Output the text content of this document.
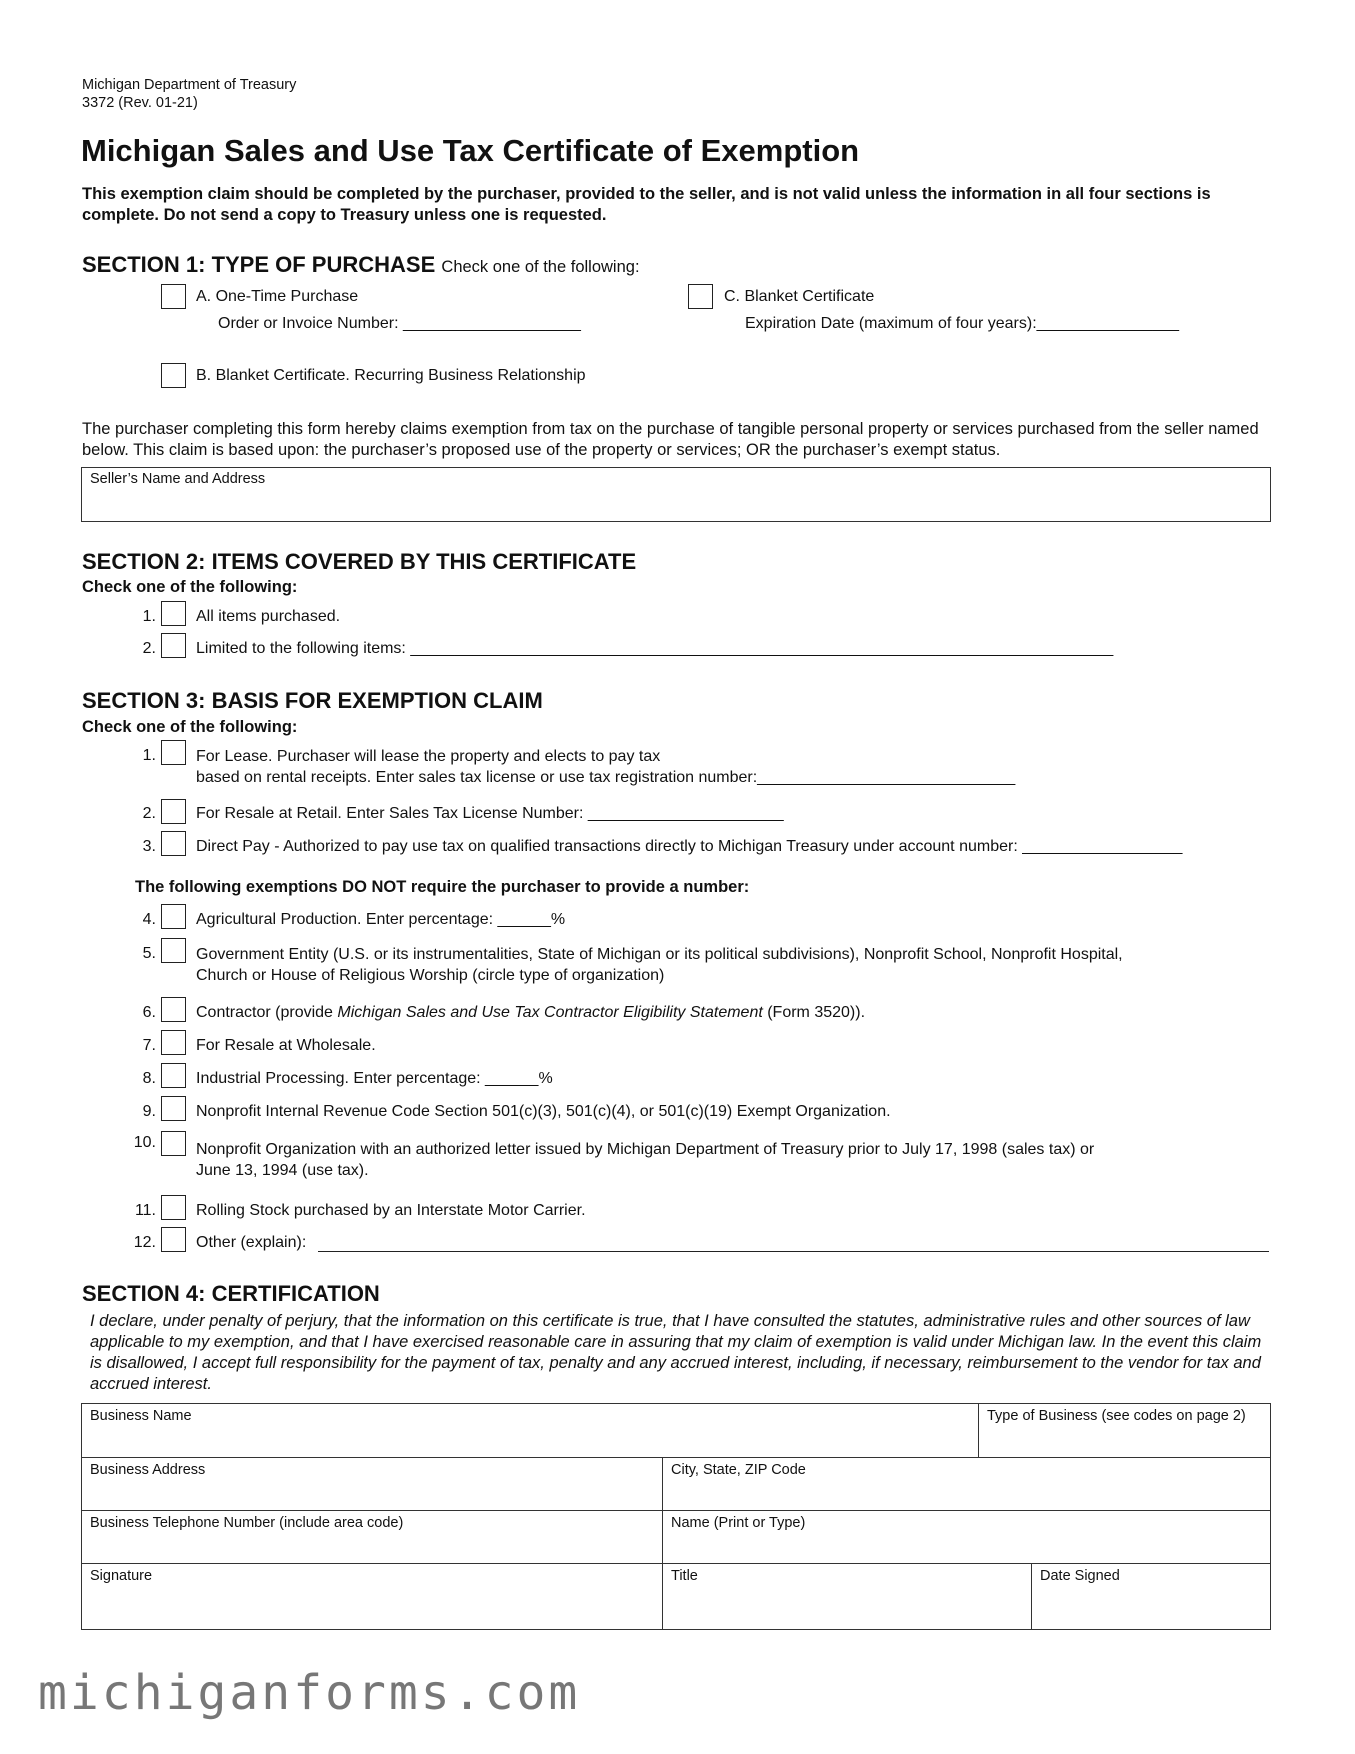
Michigan Department of Treasury
3372 (Rev. 01-21)
Michigan Sales and Use Tax Certificate of Exemption
This exemption claim should be completed by the purchaser, provided to the seller, and is not valid unless the information in all four sections is complete. Do not send a copy to Treasury unless one is requested.
SECTION 1: TYPE OF PURCHASE Check one of the following:
A. One-Time Purchase
Order or Invoice Number: ____________________
C. Blanket Certificate
Expiration Date (maximum of four years):________________
B. Blanket Certificate. Recurring Business Relationship
The purchaser completing this form hereby claims exemption from tax on the purchase of tangible personal property or services purchased from the seller named below. This claim is based upon: the purchaser’s proposed use of the property or services; OR the purchaser’s exempt status.
Seller’s Name and Address
SECTION 2: ITEMS COVERED BY THIS CERTIFICATE
Check one of the following:
1.	All items purchased.
2.	Limited to the following items: _______________________________________________________________________________
SECTION 3: BASIS FOR EXEMPTION CLAIM
Check one of the following:
1.	For Lease. Purchaser will lease the property and elects to pay tax
based on rental receipts. Enter sales tax license or use tax registration number:_____________________________
2.	For Resale at Retail. Enter Sales Tax License Number: ______________________
3.	Direct Pay - Authorized to pay use tax on qualified transactions directly to Michigan Treasury under account number: __________________
The following exemptions DO NOT require the purchaser to provide a number:
4.	Agricultural Production. Enter percentage: ______%
5.	Government Entity (U.S. or its instrumentalities, State of Michigan or its political subdivisions), Nonprofit School, Nonprofit Hospital,
Church or House of Religious Worship (circle type of organization)
6.	Contractor (provide Michigan Sales and Use Tax Contractor Eligibility Statement (Form 3520)).
7.	For Resale at Wholesale.
8.	Industrial Processing. Enter percentage: ______%
9.	Nonprofit Internal Revenue Code Section 501(c)(3), 501(c)(4), or 501(c)(19) Exempt Organization.
10.	Nonprofit Organization with an authorized letter issued by Michigan Department of Treasury prior to July 17, 1998 (sales tax) or
June 13, 1994 (use tax).
11.	Rolling Stock purchased by an Interstate Motor Carrier.
12.	Other (explain):
SECTION 4: CERTIFICATION
I declare, under penalty of perjury, that the information on this certificate is true, that I have consulted the statutes, administrative rules and other sources of law applicable to my exemption, and that I have exercised reasonable care in assuring that my claim of exemption is valid under Michigan law. In the event this claim is disallowed, I accept full responsibility for the payment of tax, penalty and any accrued interest, including, if necessary, reimbursement to the vendor for tax and accrued interest.
Business Name	Type of Business (see codes on page 2)
Business Address	City, State, ZIP Code
Business Telephone Number (include area code)	Name (Print or Type)
Signature	Title	Date Signed
michiganforms.com
